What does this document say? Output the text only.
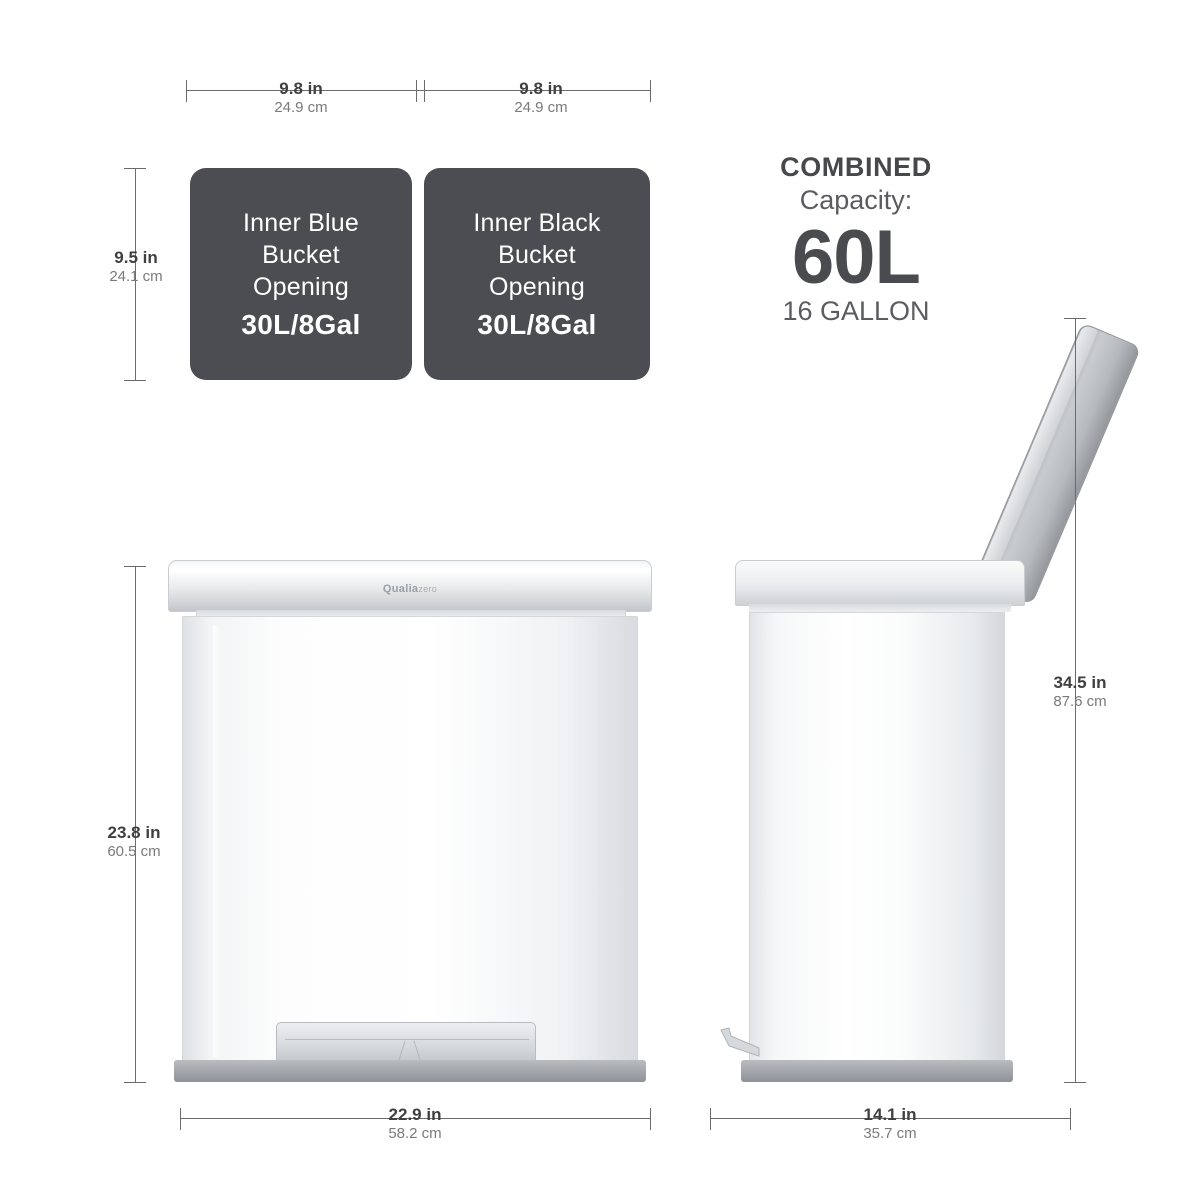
9.8 in
24.9 cm
9.8 in
24.9 cm
9.5 in
24.1 cm
Inner Blue
Bucket
Opening
30L/8Gal
Inner Black
Bucket
Opening
30L/8Gal
COMBINED
Capacity:
60L
16 GALLON
Qualiazero
23.8 in
60.5 cm
22.9 in
58.2 cm
34.5 in
87.6 cm
14.1 in
35.7 cm
